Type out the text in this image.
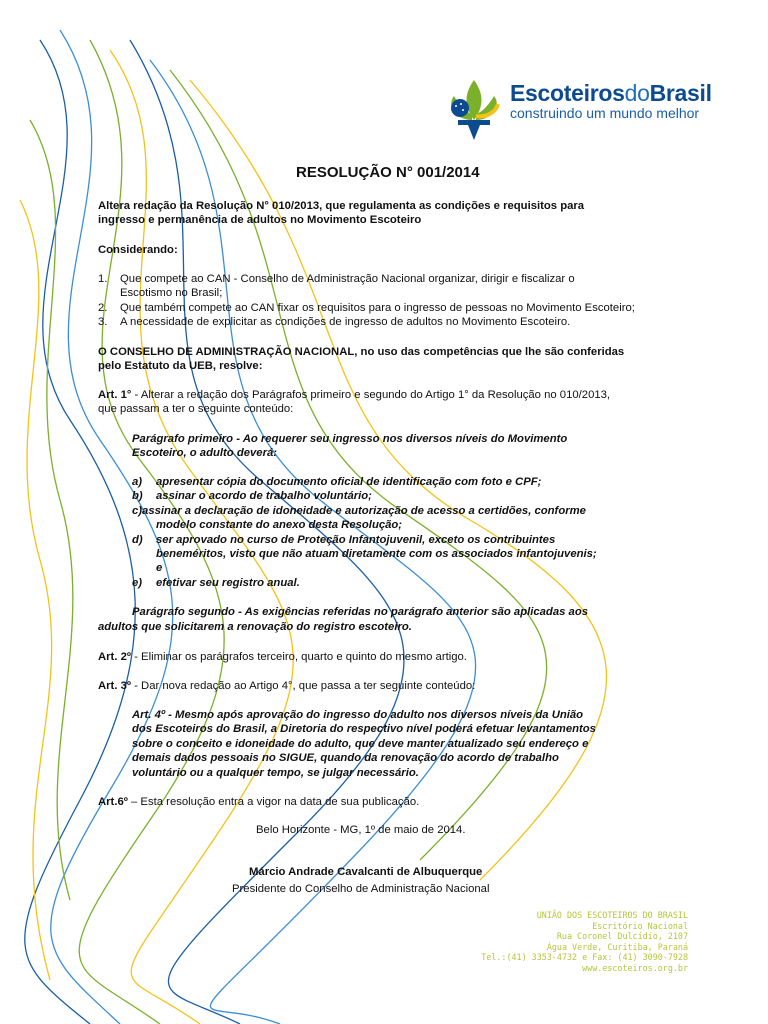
EscoteirosdoBrasil
construindo um mundo melhor
RESOLUÇÃO N° 001/2014
Altera redação da Resolução N° 010/2013, que regulamenta as condições e requisitos para
ingresso e permanência de adultos no Movimento Escoteiro
Considerando:
1. Que compete ao CAN - Conselho de Administração Nacional organizar, dirigir e fiscalizar o
Escotismo no Brasil;
2. Que também compete ao CAN fixar os requisitos para o ingresso de pessoas no Movimento Escoteiro;
3. A necessidade de explicitar as condições de ingresso de adultos no Movimento Escoteiro.
O CONSELHO DE ADMINISTRAÇÃO NACIONAL, no uso das competências que lhe são conferidas
pelo Estatuto da UEB, resolve:
Art. 1° - Alterar a redação dos Parágrafos primeiro e segundo do Artigo 1° da Resolução no 010/2013,
que passam a ter o seguinte conteúdo:
Parágrafo primeiro - Ao requerer seu ingresso nos diversos níveis do Movimento
Escoteiro, o adulto deverá:
a) apresentar cópia do documento oficial de identificação com foto e CPF;
b) assinar o acordo de trabalho voluntário;
c)assinar a declaração de idoneidade e autorização de acesso a certidões, conforme
modelo constante do anexo desta Resolução;
d) ser aprovado no curso de Proteção Infantojuvenil, exceto os contribuintes
beneméritos, visto que não atuam diretamente com os associados infantojuvenis;
e
e) efetivar seu registro anual.
Parágrafo segundo - As exigências referidas no parágrafo anterior são aplicadas aos
adultos que solicitarem a renovação do registro escoteiro.
Art. 2º - Eliminar os parágrafos terceiro, quarto e quinto do mesmo artigo.
Art. 3º - Dar nova redação ao Artigo 4°, que passa a ter seguinte conteúdo:
Art. 4º - Mesmo após aprovação do ingresso do adulto nos diversos níveis da União
dos Escoteiros do Brasil, a Diretoria do respectivo nível poderá efetuar levantamentos
sobre o conceito e idoneidade do adulto, que deve manter atualizado seu endereço e
demais dados pessoais no SIGUE, quando da renovação do acordo de trabalho
voluntário ou a qualquer tempo, se julgar necessário.
Art.6º – Esta resolução entra a vigor na data de sua publicação.
Belo Horizonte - MG, 1º de maio de 2014.
Márcio Andrade Cavalcanti de Albuquerque
Presidente do Conselho de Administração Nacional
UNIÃO DOS ESCOTEIROS DO BRASIL
Escritório Nacional
Rua Coronel Dulcídio, 2107
Água Verde, Curitiba, Paraná
Tel.:(41) 3353-4732 e Fax: (41) 3090-7928
www.escoteiros.org.br
